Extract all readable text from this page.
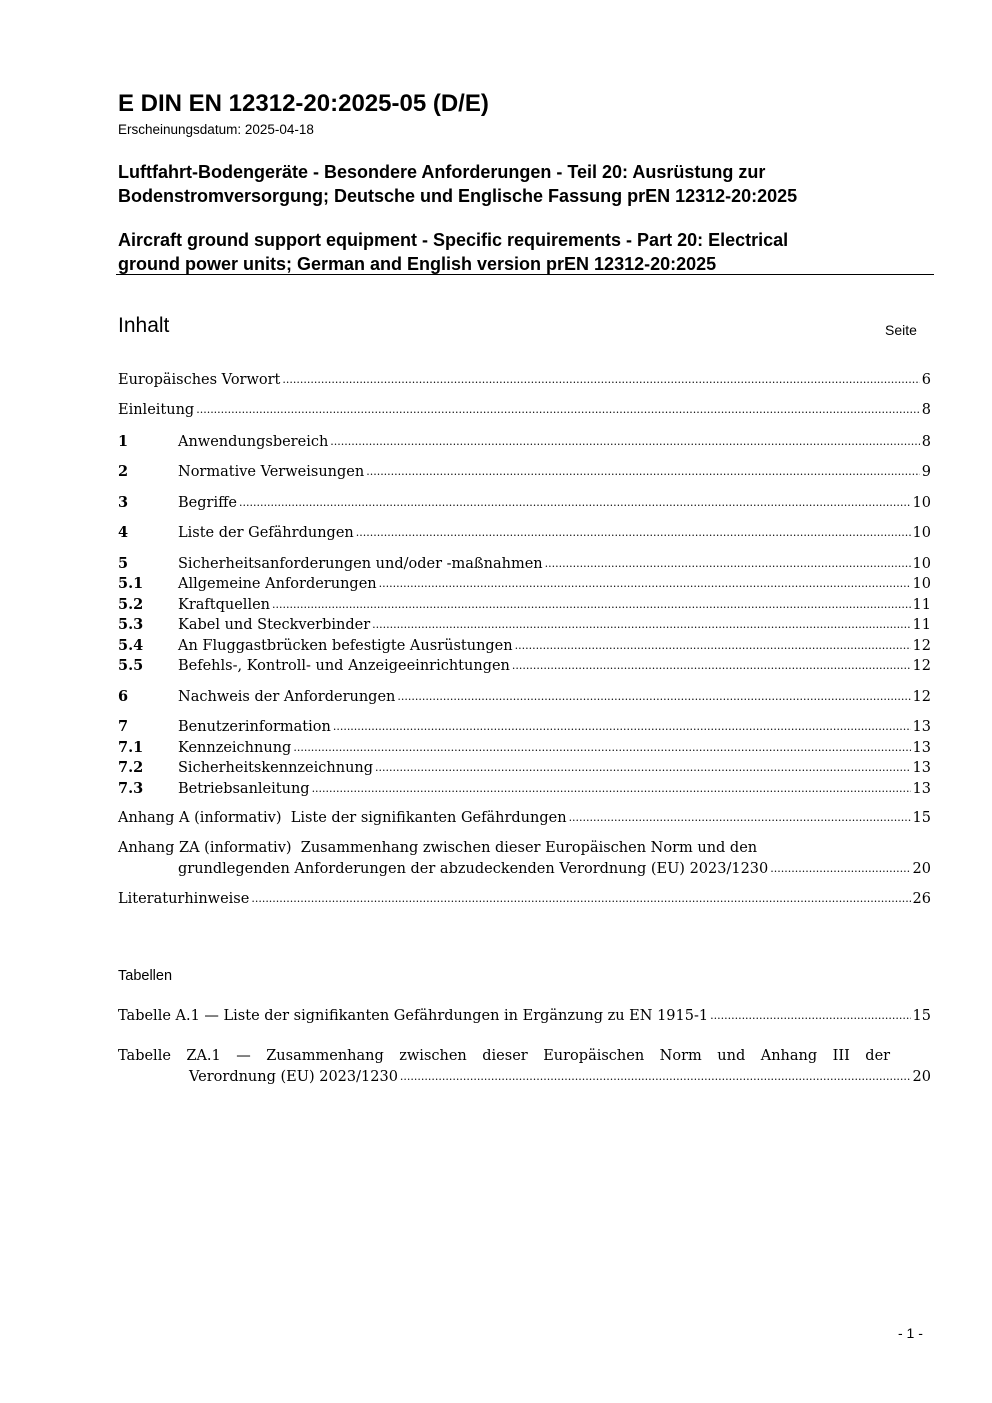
E DIN EN 12312-20:2025-05 (D/E)
Erscheinungsdatum: 2025-04-18
Luftfahrt-Bodengeräte - Besondere Anforderungen - Teil 20: Ausrüstung zur
Bodenstromversorgung; Deutsche und Englische Fassung prEN 12312-20:2025
Aircraft ground support equipment - Specific requirements - Part 20: Electrical
ground power units; German and English version prEN 12312-20:2025
Inhalt	Seite
Europäisches Vorwort .....	6
Einleitung .....	8
1	Anwendungsbereich .....	8
2	Normative Verweisungen .....	9
3	Begriffe .....	10
4	Liste der Gefährdungen .....	10
5	Sicherheitsanforderungen und/oder -maßnahmen .....	10
5.1	Allgemeine Anforderungen .....	10
5.2	Kraftquellen .....	11
5.3	Kabel und Steckverbinder .....	11
5.4	An Fluggastbrücken befestigte Ausrüstungen .....	12
5.5	Befehls-, Kontroll- und Anzeigeeinrichtungen .....	12
6	Nachweis der Anforderungen .....	12
7	Benutzerinformation .....	13
7.1	Kennzeichnung .....	13
7.2	Sicherheitskennzeichnung .....	13
7.3	Betriebsanleitung .....	13
Anhang A (informativ)  Liste der signifikanten Gefährdungen .....	15
Anhang ZA (informativ)  Zusammenhang zwischen dieser Europäischen Norm und den
grundlegenden Anforderungen der abzudeckenden Verordnung (EU) 2023/1230 .....	20
Literaturhinweise .....	26
Tabellen
Tabelle A.1 — Liste der signifikanten Gefährdungen in Ergänzung zu EN 1915-1 .....	15
Tabelle ZA.1 — Zusammenhang zwischen dieser Europäischen Norm und Anhang III der
Verordnung (EU) 2023/1230 .....	20
- 1 -
